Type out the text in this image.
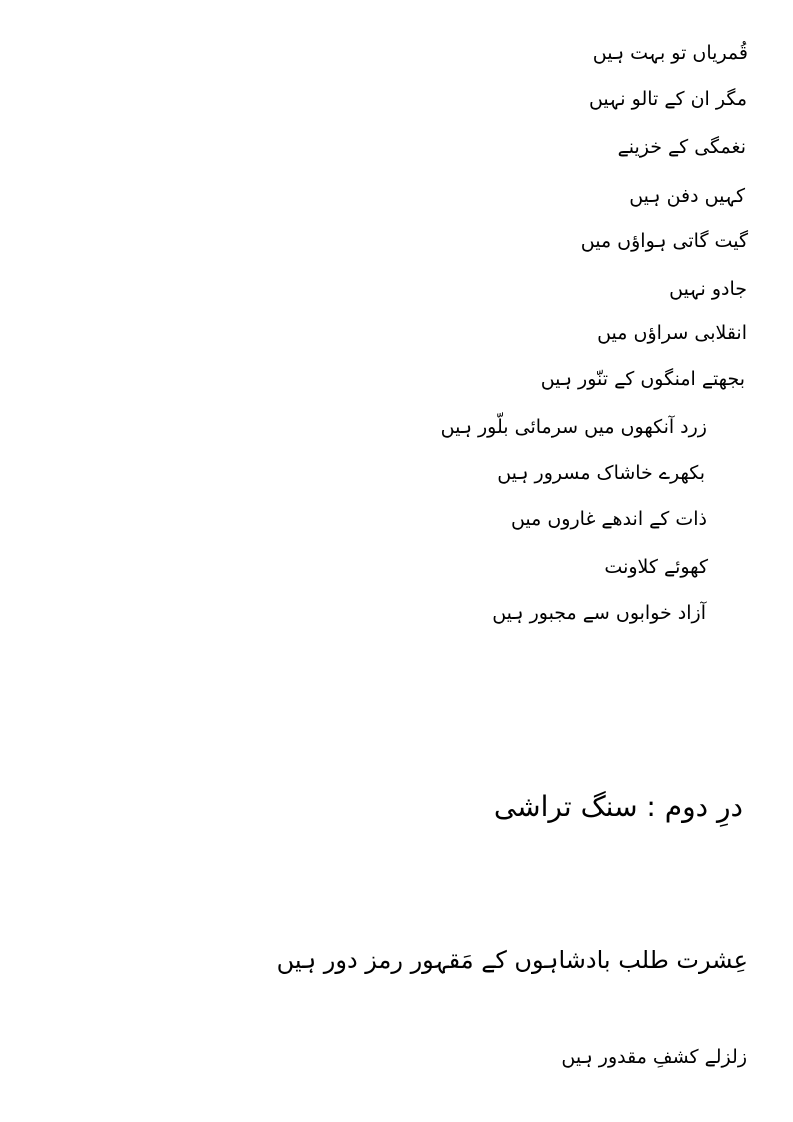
قُمریاں تو بہت ہیں
مگر ان کے تالو نہیں
نغمگی کے خزینے
کہیں دفن ہیں
گیت گاتی ہواؤں میں
جادو نہیں
انقلابی سراؤں میں
بجھتے امنگوں کے تنّور ہیں
زرد آنکھوں میں سرمائی بلّور ہیں
بکھرے خاشاک مسرور ہیں
ذات کے اندھے غاروں میں
کھوئے کلاونت
آزاد خوابوں سے مجبور ہیں
درِ دوم : سنگ تراشی
عِشرت طلب بادشاہوں کے مَقہور رمز دور ہیں
زلزلے کشفِ مقدور ہیں
